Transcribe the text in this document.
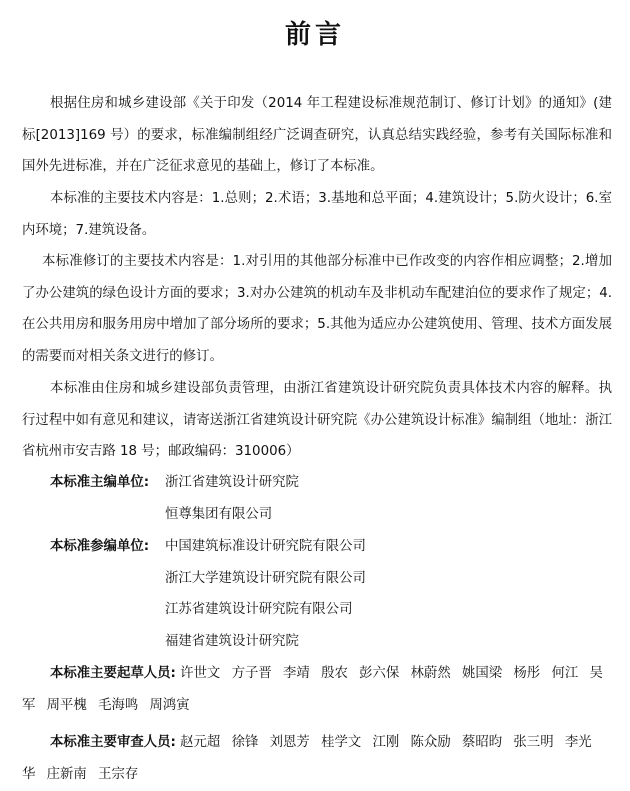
前言

根据住房和城乡建设部《关于印发（2014 年工程建设标准规范制订、修订计划》的通知》(建标[2013]169 号）的要求，标准编制组经广泛调查研究，认真总结实践经验，参考有关国际标准和国外先进标准，并在广泛征求意见的基础上，修订了本标准。

本标准的主要技术内容是：1.总则；2.术语；3.基地和总平面；4.建筑设计；5.防火设计；6.室内环境；7.建筑设备。

本标准修订的主要技术内容是：1.对引用的其他部分标准中已作改变的内容作相应调整；2.增加了办公建筑的绿色设计方面的要求；3.对办公建筑的机动车及非机动车配建泊位的要求作了规定；4.在公共用房和服务用房中增加了部分场所的要求；5.其他为适应办公建筑使用、管理、技术方面发展的需要而对相关条文进行的修订。

本标准由住房和城乡建设部负责管理，由浙江省建筑设计研究院负责具体技术内容的解释。执行过程中如有意见和建议，请寄送浙江省建筑设计研究院《办公建筑设计标准》编制组（地址：浙江省杭州市安吉路 18 号；邮政编码：310006）

本标准主编单位: 浙江省建筑设计研究院
恒尊集团有限公司
本标准参编单位: 中国建筑标准设计研究院有限公司
浙江大学建筑设计研究院有限公司
江苏省建筑设计研究院有限公司
福建省建筑设计研究院

本标准主要起草人员: 许世文 方子晋 李靖 殷农 彭六保 林蔚然 姚国梁 杨彤 何江 吴军 周平槐 毛海鸣 周鸿寅

本标准主要审查人员: 赵元超 徐锋 刘恩芳 桂学文 江刚 陈众励 蔡昭昀 张三明 李光华 庄新南 王宗存
